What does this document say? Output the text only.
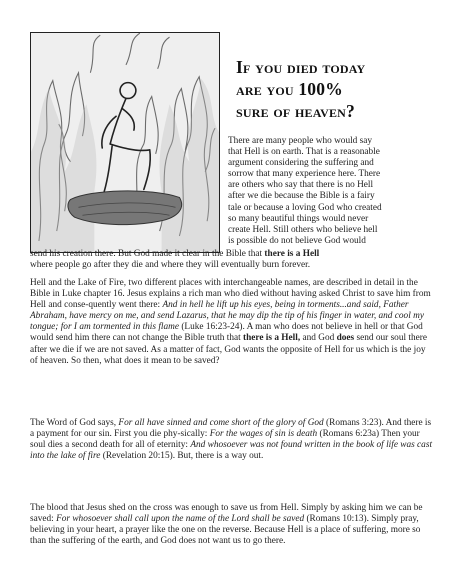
If you died today
are you 100%
sure of heaven?
There are many people who would say
that Hell is on earth. That is a reasonable
argument considering the suffering and
sorrow that many experience here. There
are others who say that there is no Hell
after we die because the Bible is a fairy
tale or because a loving God who created
so many beautiful things would never
create Hell. Still others who believe hell
is possible do not believe God would
send his creation there. But God made it clear in the Bible that there is a Hell
where people go after they die and where they will eventually burn forever.

Hell and the Lake of Fire, two different places with interchangeable names, are described in detail in the Bible in Luke chapter 16. Jesus explains a rich man who died without having asked Christ to save him from Hell and conse-quently went there: And in hell he lift up his eyes, being in torments...and said, Father Abraham, have mercy on me, and send Lazarus, that he may dip the tip of his finger in water, and cool my tongue; for I am tormented in this flame (Luke 16:23-24). A man who does not believe in hell or that God would send him there can not change the Bible truth that there is a Hell, and God does send our soul there after we die if we are not saved. As a matter of fact, God wants the opposite of Hell for us which is the joy of heaven. So then, what does it mean to be saved?

The Word of God says, For all have sinned and come short of the glory of God (Romans 3:23). And there is a payment for our sin. First you die phy-sically: For the wages of sin is death (Romans 6:23a) Then your soul dies a second death for all of eternity: And whosoever was not found written in the book of life was cast into the lake of fire (Revelation 20:15). But, there is a way out.

The blood that Jesus shed on the cross was enough to save us from Hell. Simply by asking him we can be saved: For whosoever shall call upon the name of the Lord shall be saved (Romans 10:13). Simply pray, believing in your heart, a prayer like the one on the reverse. Because Hell is a place of suffering, more so than the suffering of the earth, and God does not want us to go there.
